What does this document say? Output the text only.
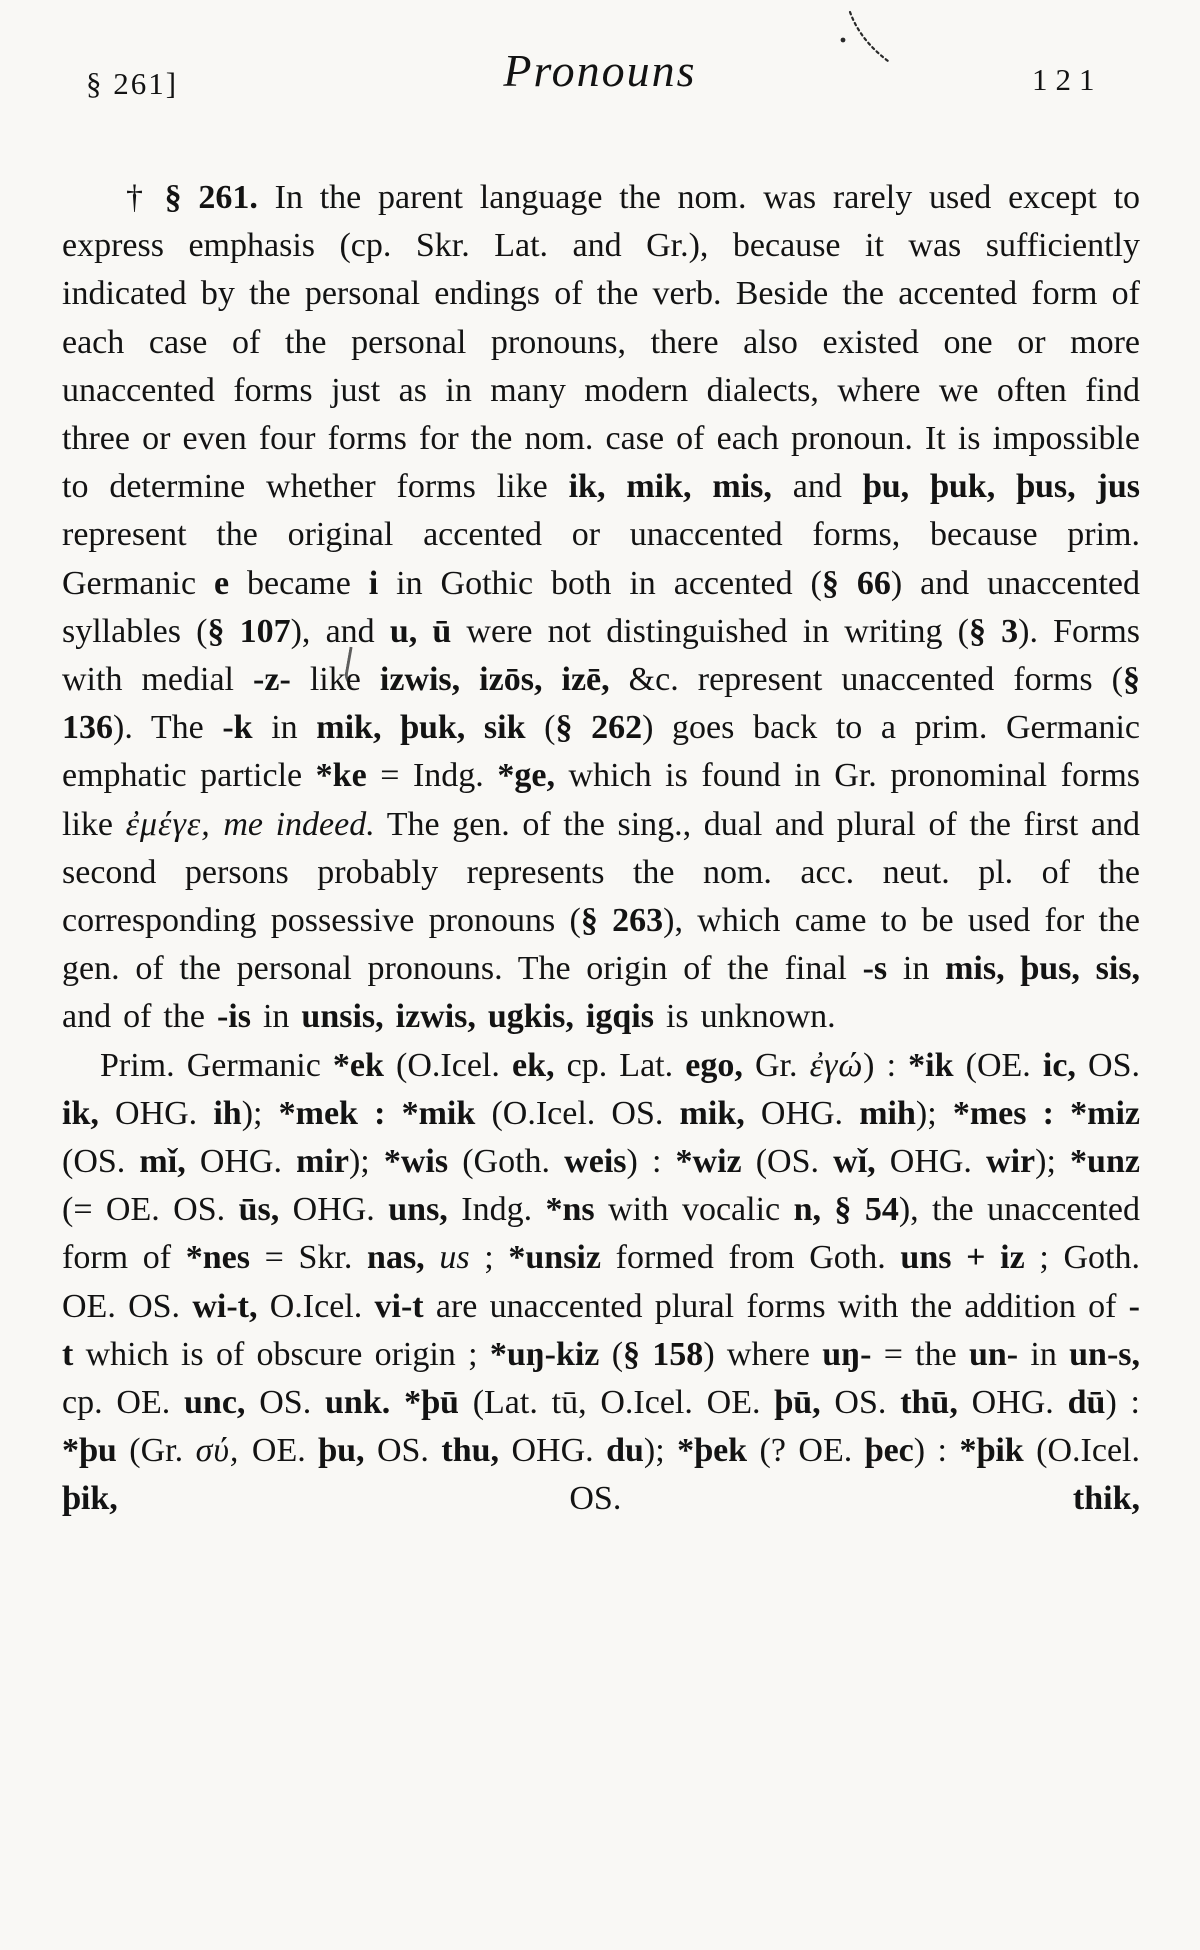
§ 261]	Pronouns	121

† § 261. In the parent language the nom. was rarely used except to express emphasis (cp. Skr. Lat. and Gr.), because it was sufficiently indicated by the personal endings of the verb. Beside the accented form of each case of the personal pronouns, there also existed one or more unaccented forms just as in many modern dialects, where we often find three or even four forms for the nom. case of each pronoun. It is impossible to determine whether forms like ik, mik, mis, and þu, þuk, þus, jus represent the original accented or unaccented forms, because prim. Germanic e became i in Gothic both in accented (§ 66) and unaccented syllables (§ 107), and u, ū were not distinguished in writing (§ 3). Forms with medial -z- like izwis, izōs, izē, &c. represent unaccented forms (§ 136). The -k in mik, þuk, sik (§ 262) goes back to a prim. Germanic emphatic particle *ke = Indg. *ge, which is found in Gr. pronominal forms like ἐμέγε, me indeed. The gen. of the sing., dual and plural of the first and second persons probably represents the nom. acc. neut. pl. of the corresponding possessive pronouns (§ 263), which came to be used for the gen. of the personal pronouns. The origin of the final -s in mis, þus, sis, and of the -is in unsis, izwis, ugkis, igqis is unknown.

Prim. Germanic *ek (O.Icel. ek, cp. Lat. ego, Gr. ἐγώ) : *ik (OE. ic, OS. ik, OHG. ih); *mek : *mik (O.Icel. OS. mik, OHG. mih); *mes : *miz (OS. mǐ, OHG. mir); *wis (Goth. weis) : *wiz (OS. wǐ, OHG. wir); *unz (= OE. OS. ūs, OHG. uns, Indg. *ns with vocalic n, § 54), the unaccented form of *nes = Skr. nas, us ; *unsiz formed from Goth. uns + iz ; Goth. OE. OS. wi-t, O.Icel. vi-t are unaccented plural forms with the addition of -t which is of obscure origin ; *uŋ-kiz (§ 158) where uŋ- = the un- in un-s, cp. OE. unc, OS. unk. *þū (Lat. tū, O.Icel. OE. þū, OS. thū, OHG. dū) : *þu (Gr. σύ, OE. þu, OS. thu, OHG. du); *þek (? OE. þec) : *þik (O.Icel. þik, OS. thik,
